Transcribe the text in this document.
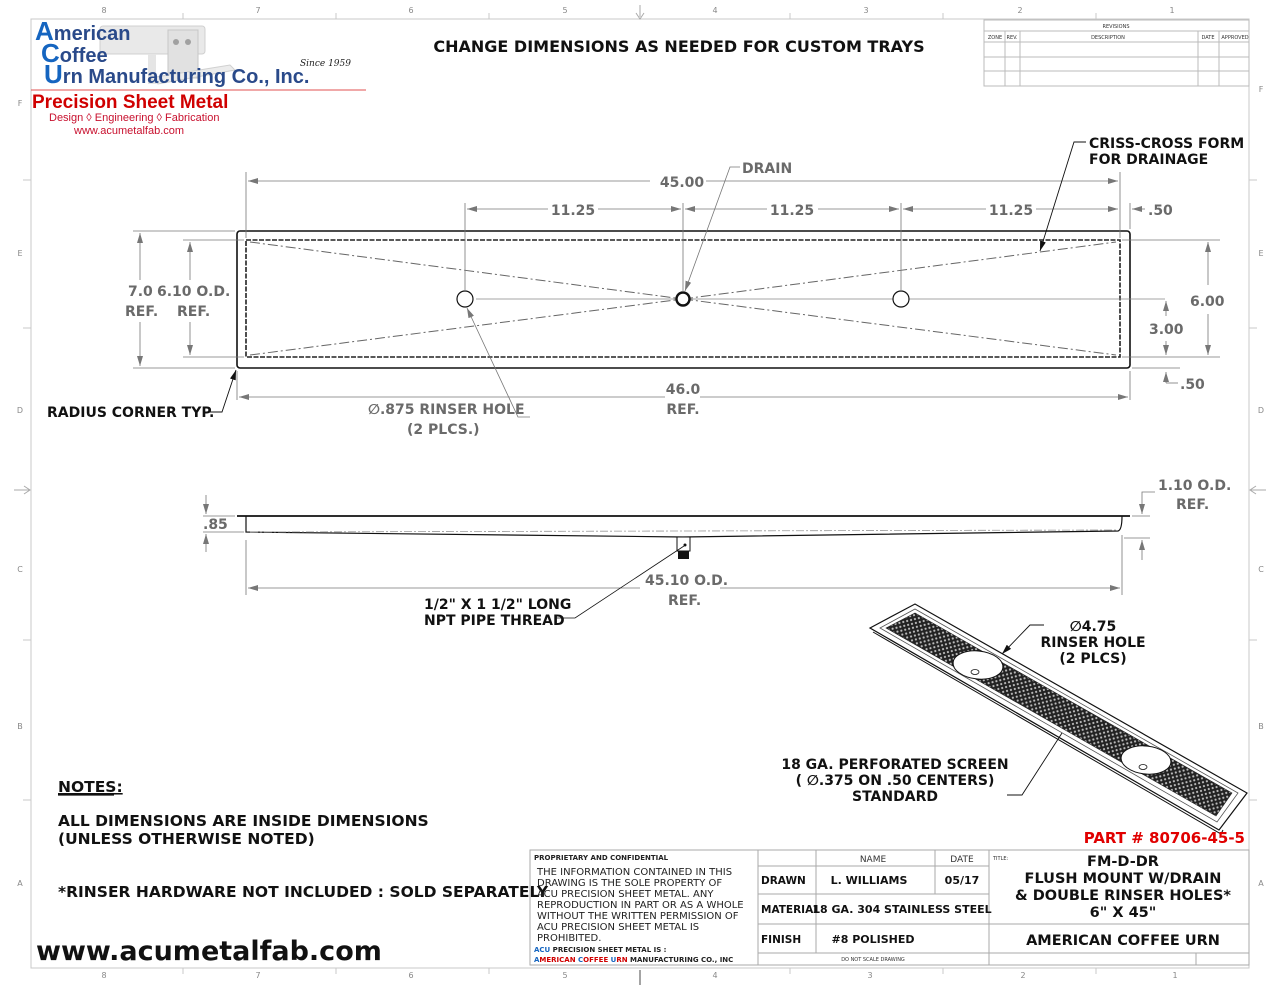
8	7	6	5	4	3	2	1
8	7	6	5	4	3	2	1
F
E
D
C
B
A
F
E
D
C
B
A
American
Coffee
Urn Manufacturing Co., Inc.
Since 1959
Precision Sheet Metal
Design ◊ Engineering ◊ Fabrication
www.acumetalfab.com
CHANGE DIMENSIONS AS NEEDED FOR CUSTOM TRAYS
REVISIONS
ZONE REV.	DESCRIPTION	DATE APPROVED
45.00
11.25	11.25	11.25	.50
DRAIN
CRISS-CROSS FORM
FOR DRAINAGE
7.0
REF.
6.10 O.D.
REF.
6.00
3.00
.50
46.0
REF.
∅.875 RINSER HOLE
(2 PLCS.)
RADIUS CORNER TYP.
.85
1.10 O.D.
REF.
45.10 O.D.
REF.
1/2" X 1 1/2" LONG
NPT PIPE THREAD	∅4.75
RINSER HOLE
(2 PLCS)
18 GA. PERFORATED SCREEN
( ∅.375 ON .50 CENTERS)
STANDARD
PART # 80706-45-5
NOTES:
ALL DIMENSIONS ARE INSIDE DIMENSIONS
(UNLESS OTHERWISE NOTED)
*RINSER HARDWARE NOT INCLUDED : SOLD SEPARATELY
www.acumetalfab.com
PROPRIETARY AND CONFIDENTIAL
THE INFORMATION CONTAINED IN THIS
DRAWING IS THE SOLE PROPERTY OF
ACU PRECISION SHEET METAL. ANY
REPRODUCTION IN PART OR AS A WHOLE
WITHOUT THE WRITTEN PERMISSION OF
ACU PRECISION SHEET METAL IS
PROHIBITED.
ACU PRECISION SHEET METAL IS :
AMERICAN COFFEE URN MANUFACTURING CO., INC
NAME	DATE	TITLE:
DRAWN L. WILLIAMS	05/17
MATERIAL
18 GA. 304 STAINLESS STEEL
FINISH	#8 POLISHED
DO NOT SCALE DRAWING
FM-D-DR
FLUSH MOUNT W/DRAIN
& DOUBLE RINSER HOLES*
6" X 45"
AMERICAN COFFEE URN
